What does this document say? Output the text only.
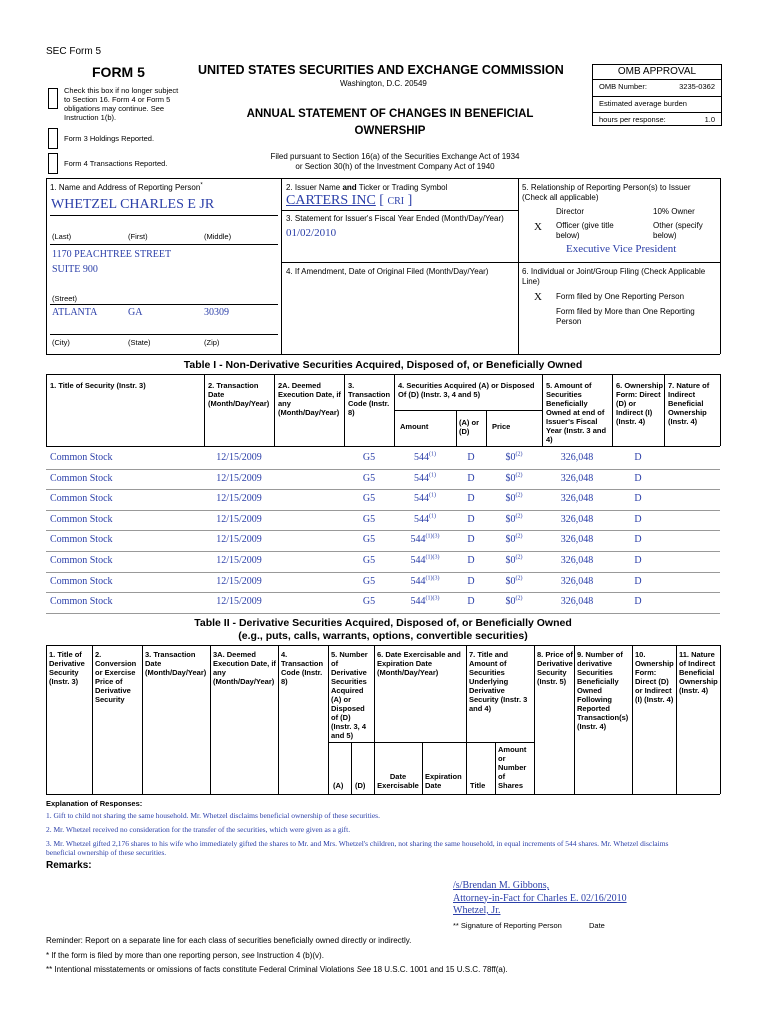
SEC Form 5
FORM 5	UNITED STATES SECURITIES AND EXCHANGE COMMISSION
Washington, D.C. 20549
Check this box if no longer subject
to Section 16. Form 4 or Form 5
obligations may continue. See
Instruction 1(b).	ANNUAL STATEMENT OF CHANGES IN BENEFICIAL
OWNERSHIP
Form 3 Holdings Reported.
Form 4 Transactions Reported.
Filed pursuant to Section 16(a) of the Securities Exchange Act of 1934
or Section 30(h) of the Investment Company Act of 1940
OMB APPROVAL
OMB Number:	3235-0362
Estimated average burden
hours per response:	1.0
1. Name and Address of Reporting Person*
WHETZEL CHARLES E JR
(Last)	(First)	(Middle)
1170 PEACHTREE STREET
SUITE 900
(Street)
ATLANTA	GA	30309
(City)	(State)	(Zip)
2. Issuer Name and Ticker or Trading Symbol
CARTERS INC [ CRI ]
3. Statement for Issuer's Fiscal Year Ended (Month/Day/Year)
01/02/2010
4. If Amendment, Date of Original Filed (Month/Day/Year)
5. Relationship of Reporting Person(s) to Issuer
(Check all applicable)
Director	10% Owner
X Officer (give title
below)
Other (specify
below)
Executive Vice President
6. Individual or Joint/Group Filing (Check Applicable
Line)
X Form filed by One Reporting Person
Form filed by More than One Reporting
Person
Table I - Non-Derivative Securities Acquired, Disposed of, or Beneficially Owned
1. Title of Security (Instr. 3)	2. Transaction Date (Month/Day/Year)
2A. Deemed Execution Date, if any (Month/Day/Year)
3. Transaction Code (Instr. 8)
4. Securities Acquired (A) or Disposed Of (D) (Instr. 3, 4 and 5)
Amount	(A) or (D)
Price
5. Amount of Securities Beneficially Owned at end of Issuer's Fiscal Year (Instr. 3 and 4)
6. Ownership Form: Direct (D) or Indirect (I) (Instr. 4)
7. Nature of Indirect Beneficial Ownership (Instr. 4)
Common Stock	12/15/2009	G5	544$^{(1)}$	D	$0$^{(2)}$	326,048	D
Common Stock	12/15/2009	G5	544$^{(1)}$	D	$0$^{(2)}$	326,048	D
Common Stock	12/15/2009	G5	544$^{(1)}$	D	$0$^{(2)}$	326,048	D
Common Stock	12/15/2009	G5	544$^{(1)}$	D	$0$^{(2)}$	326,048	D
Common Stock	12/15/2009	G5	$544^{(1)(3)}$	D	$0$^{(2)}$	326,048	D
Common Stock	12/15/2009	G5	$544^{(1)(3)}$	D	$0$^{(2)}$	326,048	D
Common Stock	12/15/2009	G5	$544^{(1)(3)}$	D	$0$^{(2)}$	326,048	D
Common Stock	12/15/2009	G5	$544^{(1)(3)}$	D	$0$^{(2)}$	326,048	D
Table II - Derivative Securities Acquired, Disposed of, or Beneficially Owned
(e.g., puts, calls, warrants, options, convertible securities)
1. Title of Derivative Security (Instr. 3)
2. Conversion or Exercise Price of Derivative Security
3. Transaction Date (Month/Day/Year)
3A. Deemed Execution Date, if any (Month/Day/Year)
4. Transaction Code (Instr. 8)
5. Number of Derivative Securities Acquired (A) or Disposed of (D) (Instr. 3, 4 and 5)
6. Date Exercisable and Expiration Date (Month/Day/Year)
7. Title and Amount of Securities Underlying Derivative Security (Instr. 3 and 4)
8. Price of Derivative Security (Instr. 5)
9. Number of derivative Securities Beneficially Owned Following Reported Transaction(s) (Instr. 4)
10. Ownership Form: Direct (D) or Indirect (I) (Instr. 4)
11. Nature of Indirect Beneficial Ownership (Instr. 4)
(A) (D)
Date Exercisable
Expiration Date	Title
Amount or Number of Shares
Explanation of Responses:
1. Gift to child not sharing the same household. Mr. Whetzel disclaims beneficial ownership of these securities.
2. Mr. Whetzel received no consideration for the transfer of the securities, which were given as a gift.
3. Mr. Whetzel gifted 2,176 shares to his wife who immediately gifted the shares to Mr. and Mrs. Whetzel's children, not sharing the same household, in equal increments of 544 shares. Mr. Whetzel disclaims
beneficial ownership of these securities.
Remarks:
/s/Brendan M. Gibbons,
Attorney-in-Fact for Charles E. 02/16/2010
Whetzel, Jr.
** Signature of Reporting Person	Date
Reminder: Report on a separate line for each class of securities beneficially owned directly or indirectly.
* If the form is filed by more than one reporting person, see Instruction 4 (b)(v).
** Intentional misstatements or omissions of facts constitute Federal Criminal Violations See 18 U.S.C. 1001 and 15 U.S.C. 78ff(a).
